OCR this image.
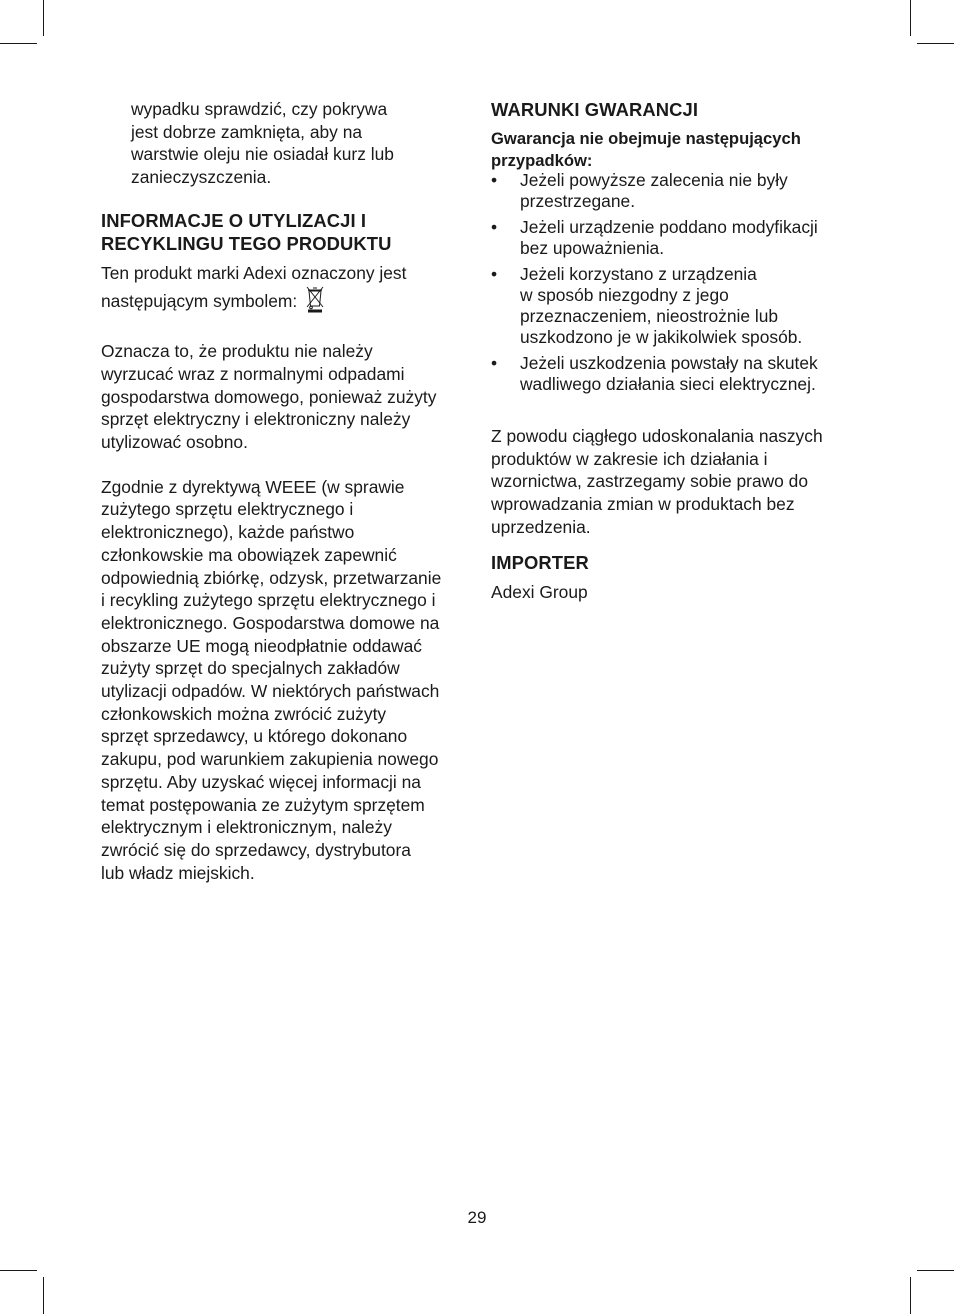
wypadku sprawdzić, czy pokrywa
jest dobrze zamknięta, aby na
warstwie oleju nie osiadał kurz lub
zanieczyszczenia.

INFORMACJE O UTYLIZACJI I
RECYKLINGU TEGO PRODUKTU

Ten produkt marki Adexi oznaczony jest
następującym symbolem:

Oznacza to, że produktu nie należy
wyrzucać wraz z normalnymi odpadami
gospodarstwa domowego, ponieważ zużyty
sprzęt elektryczny i elektroniczny należy
utylizować osobno.

Zgodnie z dyrektywą WEEE (w sprawie
zużytego sprzętu elektrycznego i
elektronicznego), każde państwo
członkowskie ma obowiązek zapewnić
odpowiednią zbiórkę, odzysk, przetwarzanie
i recykling zużytego sprzętu elektrycznego i
elektronicznego. Gospodarstwa domowe na
obszarze UE mogą nieodpłatnie oddawać
zużyty sprzęt do specjalnych zakładów
utylizacji odpadów. W niektórych państwach
członkowskich można zwrócić zużyty
sprzęt sprzedawcy, u którego dokonano
zakupu, pod warunkiem zakupienia nowego
sprzętu. Aby uzyskać więcej informacji na
temat postępowania ze zużytym sprzętem
elektrycznym i elektronicznym, należy
zwrócić się do sprzedawcy, dystrybutora
lub władz miejskich.

WARUNKI GWARANCJI

Gwarancja nie obejmuje następujących
przypadków:

• Jeżeli powyższe zalecenia nie były
przestrzegane.
• Jeżeli urządzenie poddano modyfikacji
bez upoważnienia.
• Jeżeli korzystano z urządzenia
w sposób niezgodny z jego
przeznaczeniem, nieostrożnie lub
uszkodzono je w jakikolwiek sposób.
• Jeżeli uszkodzenia powstały na skutek
wadliwego działania sieci elektrycznej.

Z powodu ciągłego udoskonalania naszych
produktów w zakresie ich działania i
wzornictwa, zastrzegamy sobie prawo do
wprowadzania zmian w produktach bez
uprzedzenia.

IMPORTER

Adexi Group

29
